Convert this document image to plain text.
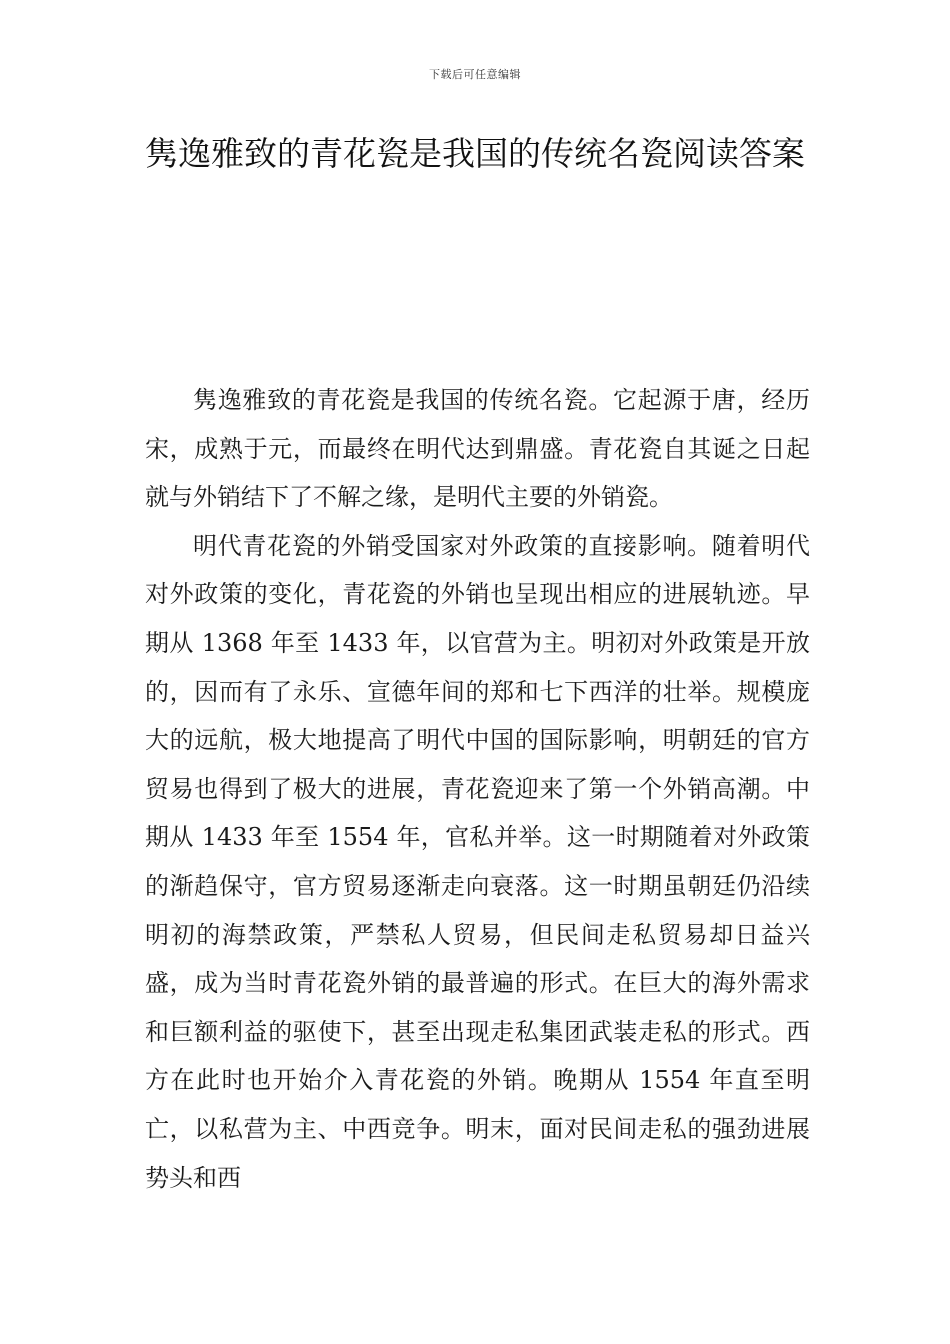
下载后可任意编辑
隽逸雅致的青花瓷是我国的传统名瓷阅读答案

隽逸雅致的青花瓷是我国的传统名瓷。它起源于唐，经历宋，成熟于元，而最终在明代达到鼎盛。青花瓷自其诞之日起就与外销结下了不解之缘，是明代主要的外销瓷。

明代青花瓷的外销受国家对外政策的直接影响。随着明代对外政策的变化，青花瓷的外销也呈现出相应的进展轨迹。早期从 1368 年至 1433 年，以官营为主。明初对外政策是开放的，因而有了永乐、宣德年间的郑和七下西洋的壮举。规模庞大的远航，极大地提高了明代中国的国际影响，明朝廷的官方贸易也得到了极大的进展，青花瓷迎来了第一个外销高潮。中期从 1433 年至 1554 年，官私并举。这一时期随着对外政策的渐趋保守，官方贸易逐渐走向衰落。这一时期虽朝廷仍沿续明初的海禁政策，严禁私人贸易，但民间走私贸易却日益兴盛，成为当时青花瓷外销的最普遍的形式。在巨大的海外需求和巨额利益的驱使下，甚至出现走私集团武装走私的形式。西方在此时也开始介入青花瓷的外销。晚期从 1554 年直至明亡，以私营为主、中西竞争。明末，面对民间走私的强劲进展势头和西
